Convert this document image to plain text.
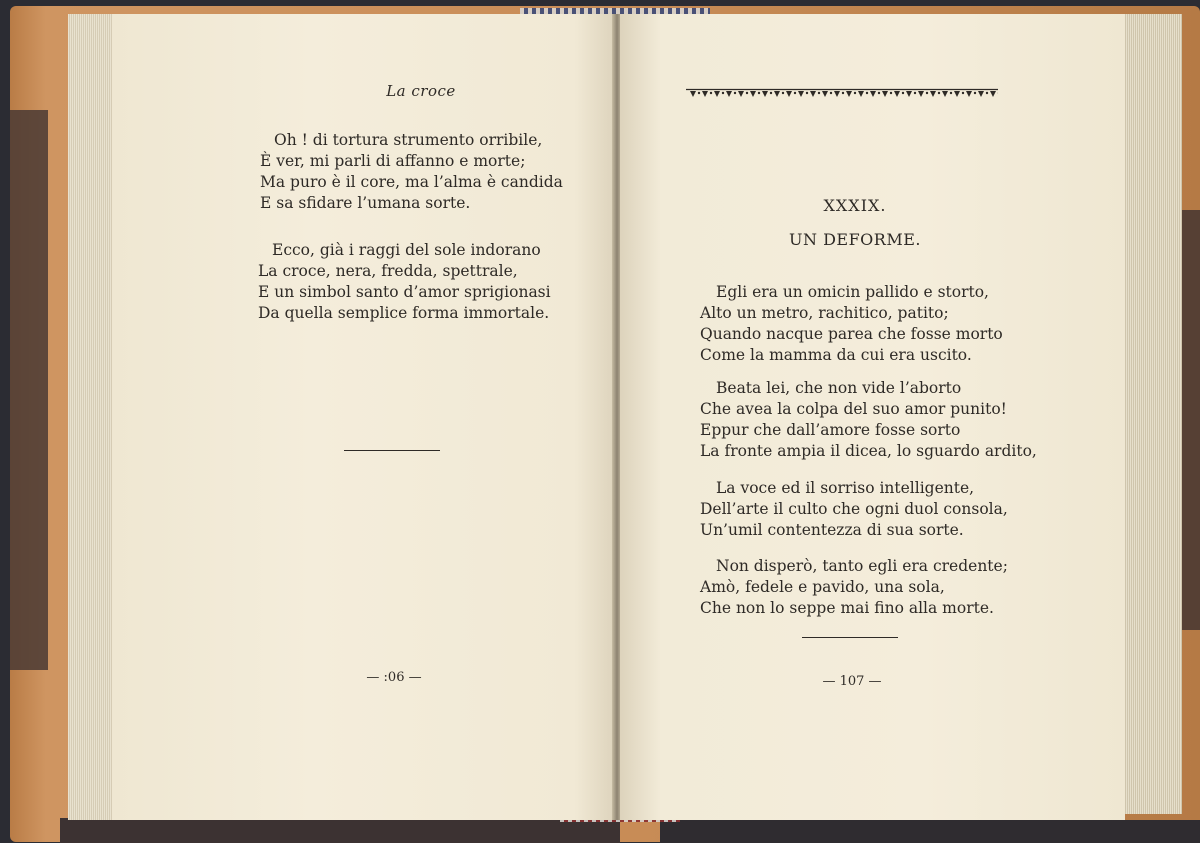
La croce
Oh ! di tortura strumento orribile,
È ver, mi parli di affanno e morte;
Ma puro è il core, ma l’alma è candida
E sa sfidare l’umana sorte.
Ecco, già i raggi del sole indorano
La croce, nera, fredda, spettrale,
E un simbol santo d’amor sprigionasi
Da quella semplice forma immortale.
— :06 —
XXXIX.
UN DEFORME.
Egli era un omicin pallido e storto,
Alto un metro, rachitico, patito;
Quando nacque parea che fosse morto
Come la mamma da cui era uscito.
Beata lei, che non vide l’aborto
Che avea la colpa del suo amor punito!
Eppur che dall’amore fosse sorto
La fronte ampia il dicea, lo sguardo ardito,
La voce ed il sorriso intelligente,
Dell’arte il culto che ogni duol consola,
Un’umil contentezza di sua sorte.
Non disperò, tanto egli era credente;
Amò, fedele e pavido, una sola,
Che non lo seppe mai fino alla morte.
— 107 —
